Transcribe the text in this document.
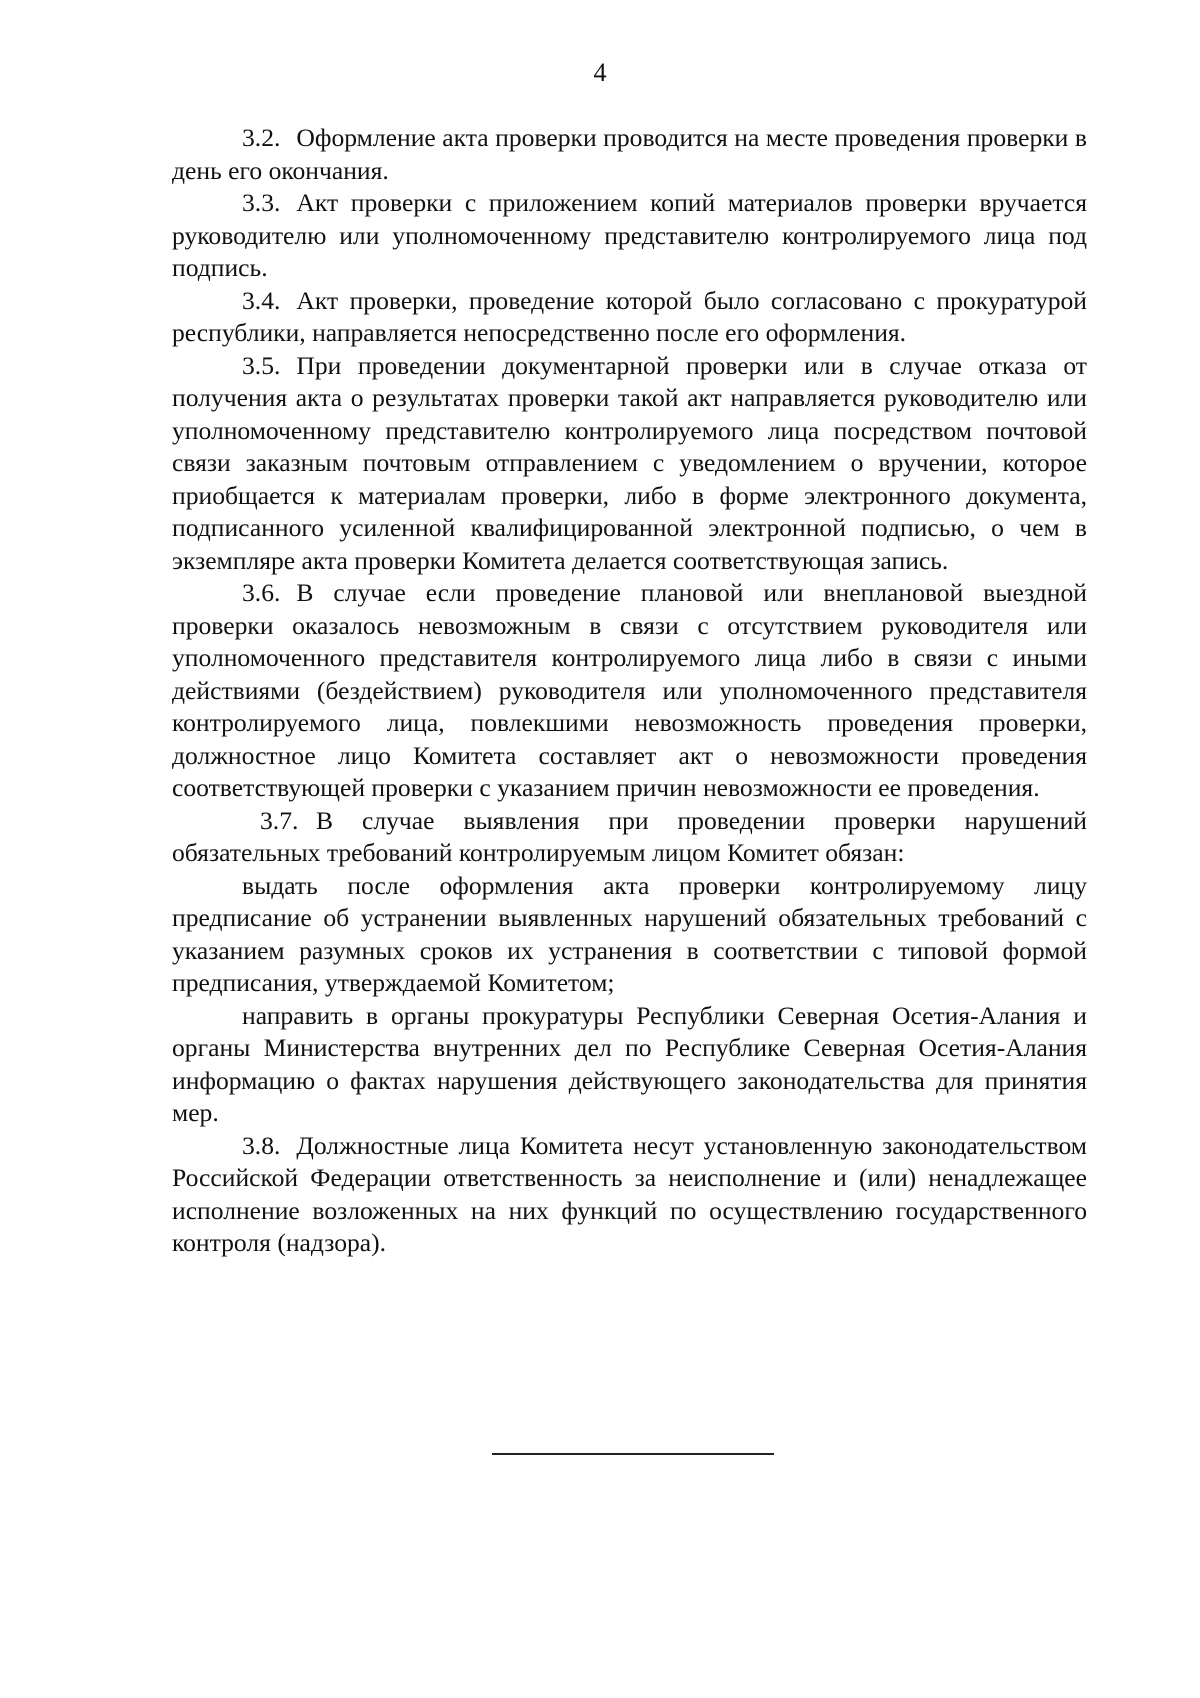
4

3.2. Оформление акта проверки проводится на месте проведения проверки в день его окончания.

3.3. Акт проверки с приложением копий материалов проверки вручается руководителю или уполномоченному представителю контролируемого лица под подпись.

3.4. Акт проверки, проведение которой было согласовано с прокуратурой республики, направляется непосредственно после его оформления.

3.5. При проведении документарной проверки или в случае отказа от получения акта о результатах проверки такой акт направляется руководителю или уполномоченному представителю контролируемого лица посредством почтовой связи заказным почтовым отправлением с уведомлением о вручении, которое приобщается к материалам проверки, либо в форме электронного документа, подписанного усиленной квалифицированной электронной подписью, о чем в экземпляре акта проверки Комитета делается соответствующая запись.

3.6. В случае если проведение плановой или внеплановой выездной проверки оказалось невозможным в связи с отсутствием руководителя или уполномоченного представителя контролируемого лица либо в связи с иными действиями (бездействием) руководителя или уполномоченного представителя контролируемого лица, повлекшими невозможность проведения проверки, должностное лицо Комитета составляет акт о невозможности проведения соответствующей проверки с указанием причин невозможности ее проведения.

3.7. В случае выявления при проведении проверки нарушений обязательных требований контролируемым лицом Комитет обязан:

выдать после оформления акта проверки контролируемому лицу предписание об устранении выявленных нарушений обязательных требований с указанием разумных сроков их устранения в соответствии с типовой формой предписания, утверждаемой Комитетом;

направить в органы прокуратуры Республики Северная Осетия-Алания и органы Министерства внутренних дел по Республике Северная Осетия-Алания информацию о фактах нарушения действующего законодательства для принятия мер.

3.8. Должностные лица Комитета несут установленную законодательством Российской Федерации ответственность за неисполнение и (или) ненадлежащее исполнение возложенных на них функций по осуществлению государственного контроля (надзора).
